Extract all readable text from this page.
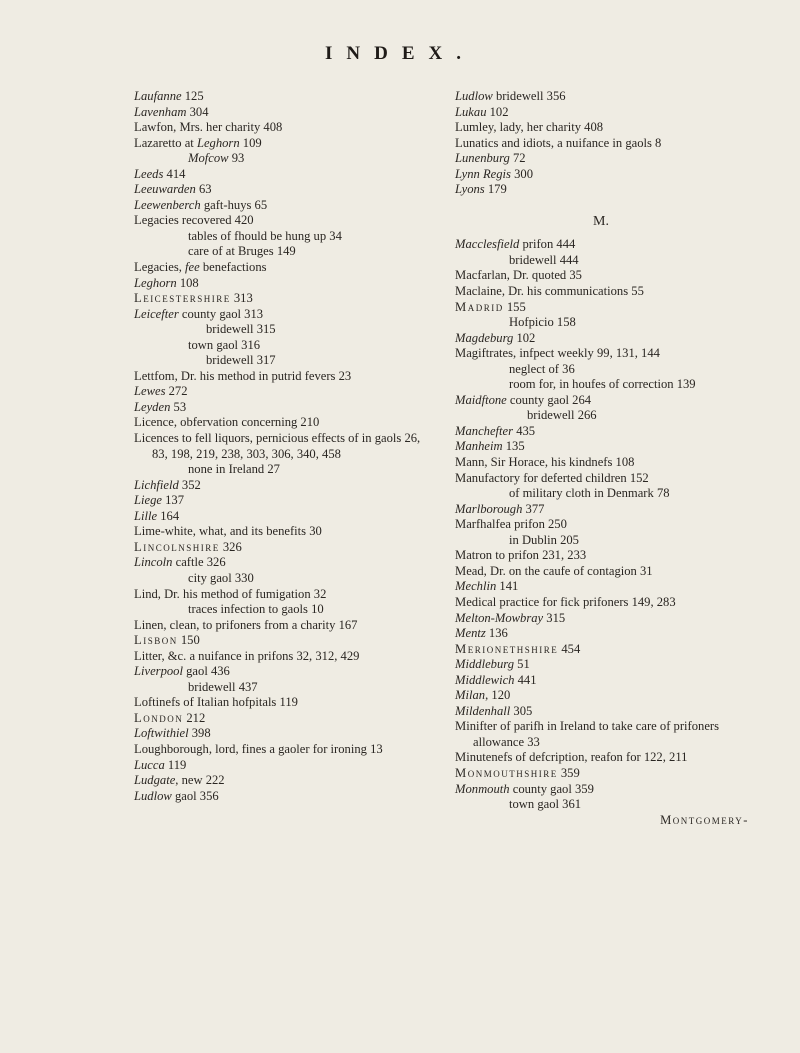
INDEX.
Laufanne 125
Lavenham 304
Lawfon, Mrs. her charity 408
Lazaretto at Leghorn 109
Mofcow 93
Leeds 414
Leeuwarden 63
Leewenberch gaft-huys 65
Legacies recovered 420
tables of fhould be hung up 34
care of at Bruges 149
Legacies, fee benefactions
Leghorn 108
Leicestershire 313
Leicefter county gaol 313
bridewell 315
town gaol 316
bridewell 317
Lettfom, Dr. his method in putrid fevers 23
Lewes 272
Leyden 53
Licence, obfervation concerning 210
Licences to fell liquors, pernicious effects of in gaols 26, 83, 198, 219, 238, 303, 306, 340, 458
none in Ireland 27
Lichfield 352
Liege 137
Lille 164
Lime-white, what, and its benefits 30
Lincolnshire 326
Lincoln caftle 326
city gaol 330
Lind, Dr. his method of fumigation 32
traces infection to gaols 10
Linen, clean, to prifoners from a charity 167
Lisbon 150
Litter, &c. a nuifance in prifons 32, 312, 429
Liverpool gaol 436
bridewell 437
Loftinefs of Italian hofpitals 119
London 212
Loftwithiel 398
Loughborough, lord, fines a gaoler for ironing 13
Lucca 119
Ludgate, new 222
Ludlow gaol 356
Ludlow bridewell 356
Lukau 102
Lumley, lady, her charity 408
Lunatics and idiots, a nuifance in gaols 8
Lunenburg 72
Lynn Regis 300
Lyons 179
M.
Macclesfield prifon 444
bridewell 444
Macfarlan, Dr. quoted 35
Maclaine, Dr. his communications 55
Madrid 155
Hofpicio 158
Magdeburg 102
Magiftrates, infpect weekly 99, 131, 144
neglect of 36
room for, in houfes of correction 139
Maidftone county gaol 264
bridewell 266
Manchefter 435
Manheim 135
Mann, Sir Horace, his kindnefs 108
Manufactory for deferted children 152
of military cloth in Denmark 78
Marlborough 377
Marfhalfea prifon 250
in Dublin 205
Matron to prifon 231, 233
Mead, Dr. on the caufe of contagion 31
Mechlin 141
Medical practice for fick prifoners 149, 283
Melton-Mowbray 315
Mentz 136
Merionethshire 454
Middleburg 51
Middlewich 441
Milan, 120
Mildenhall 305
Minifter of parifh in Ireland to take care of prifoners allowance 33
Minutenefs of defcription, reafon for 122, 211
Monmouthshire 359
Monmouth county gaol 359
town gaol 361
Montgomery-
